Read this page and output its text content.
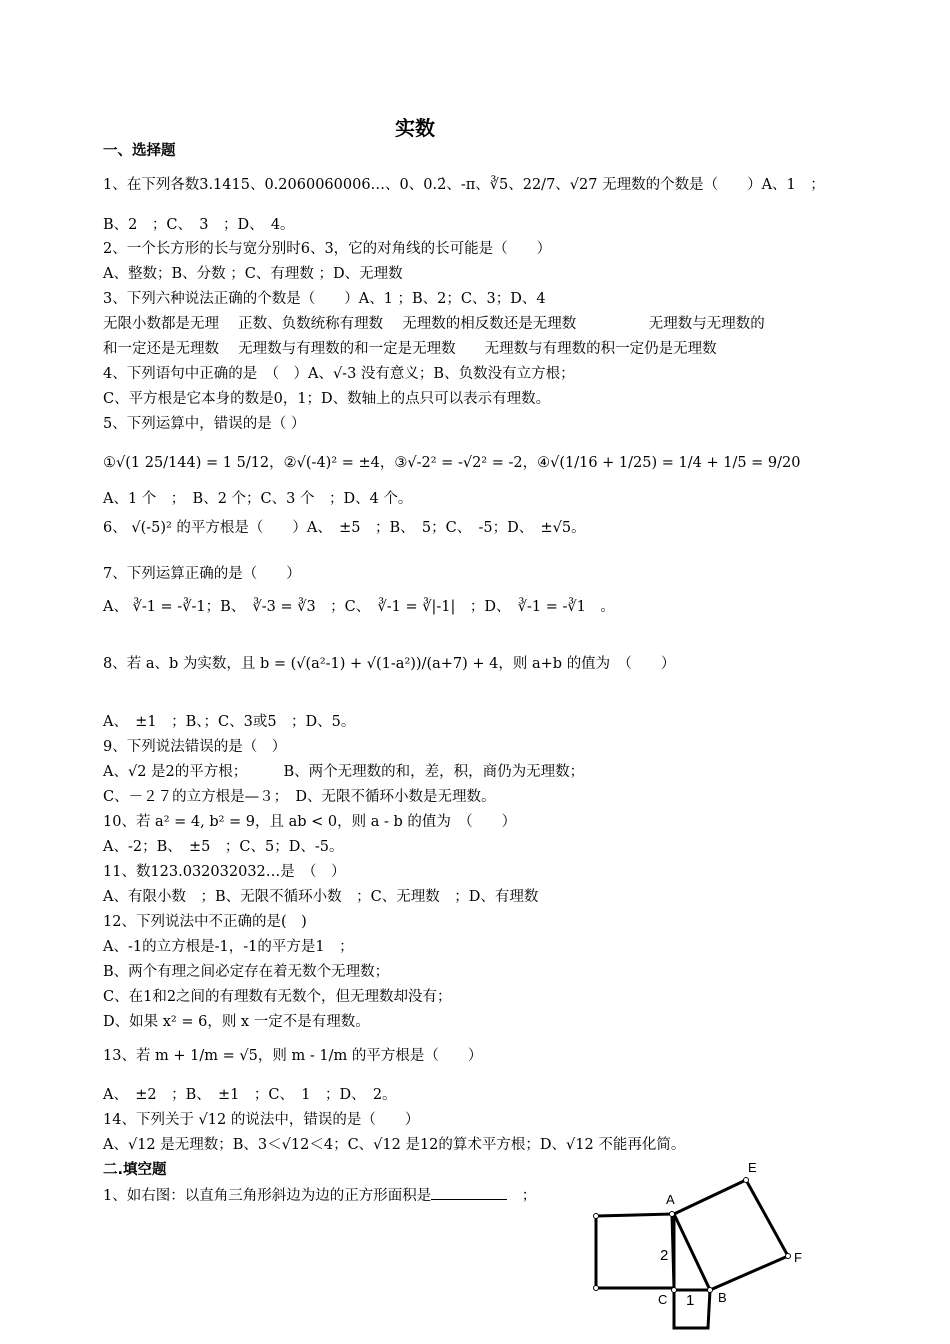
实数
一、选择题
1、在下列各数3.1415、0.2060060006…、0、0.2̇、-π、∛5、22/7、√27 无理数的个数是（　　）A、1　；
B、2　；C、　3　；D、　4。
2、一个长方形的长与宽分别时6、3，它的对角线的长可能是（　　）
A、整数；B、分数 ；C、有理数 ；D、无理数
3、下列六种说法正确的个数是（　　）A、1 ；B、2；C、3；D、4
无限小数都是无理　 正数、负数统称有理数　 无理数的相反数还是无理数　　　　　无理数与无理数的
和一定还是无理数　 无理数与有理数的和一定是无理数　　无理数与有理数的积一定仍是无理数
4、下列语句中正确的是　（　）A、√-3 没有意义；B、负数没有立方根；
C、平方根是它本身的数是0，1；D、数轴上的点只可以表示有理数。
5、下列运算中，错误的是（ ）
①√(1 25/144) = 1 5/12，②√(-4)² = ±4，③√-2² = -√2² = -2，④√(1/16 + 1/25) = 1/4 + 1/5 = 9/20
A、1 个　；　B、2 个；C、3 个　；D、4 个。
6、 √(-5)² 的平方根是（　　）A、　±5　；B、　5；C、　-5；D、　±√5。
7、下列运算正确的是（　　）
A、 ∛-1 = -∛-1；B、　∛-3 = ∛3　；C、　∛-1 = ∛|-1|　；D、　∛-1 = -∛1　。
8、若 a、b 为实数，且 b = (√(a²-1) + √(1-a²))/(a+7) + 4，则 a+b 的值为　（　　）
A、　±1　；B、；C、3或5　；D、5。
9、下列说法错误的是（　）
A、√2 是2的平方根；　　　B、两个无理数的和，差，积，商仍为无理数；
C、－２７的立方根是—３；　D、无限不循环小数是无理数。
10、若 a² = 4, b² = 9，且 ab < 0，则 a - b 的值为　（　　）
A、-2；B、　±5　；C、5；D、-5。
11、数123.032032032…是　（　）
A、有限小数　；B、无限不循环小数　；C、无理数　；D、有理数
12、下列说法中不正确的是(　)
A、-1的立方根是-1，-1的平方是1　；
B、两个有理之间必定存在着无数个无理数；
C、在1和2之间的有理数有无数个，但无理数却没有；
D、如果 x² = 6，则 x 一定不是有理数。
13、若 m + 1/m = √5，则 m - 1/m 的平方根是（　　）
A、　±2　；B、　±1　；C、　1　；D、　2。
14、下列关于 √12 的说法中，错误的是（　　）
A、√12 是无理数；B、3＜√12＜4；C、√12 是12的算术平方根；D、√12 不能再化简。
二.填空题
1、如右图：以直角三角形斜边为边的正方形面积是　	；	A
B
C
E
F
2
1
